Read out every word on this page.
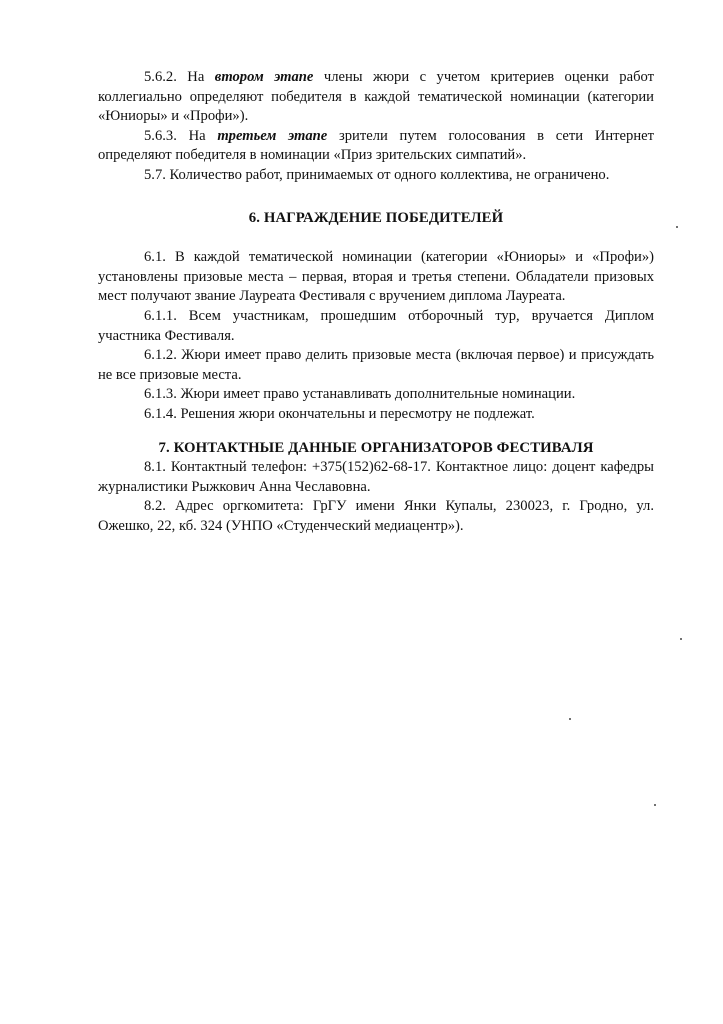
5.6.2. На втором этапе члены жюри с учетом критериев оценки работ коллегиально определяют победителя в каждой тематической номинации (категории «Юниоры» и «Профи»).

5.6.3. На третьем этапе зрители путем голосования в сети Интернет определяют победителя в номинации «Приз зрительских симпатий».

5.7. Количество работ, принимаемых от одного коллектива, не ограничено.

6. НАГРАЖДЕНИЕ ПОБЕДИТЕЛЕЙ

6.1. В каждой тематической номинации (категории «Юниоры» и «Профи») установлены призовые места – первая, вторая и третья степени. Обладатели призовых мест получают звание Лауреата Фестиваля с вручением диплома Лауреата.

6.1.1. Всем участникам, прошедшим отборочный тур, вручается Диплом участника Фестиваля.

6.1.2. Жюри имеет право делить призовые места (включая первое) и присуждать не все призовые места.

6.1.3. Жюри имеет право устанавливать дополнительные номинации.

6.1.4. Решения жюри окончательны и пересмотру не подлежат.

7. КОНТАКТНЫЕ ДАННЫЕ ОРГАНИЗАТОРОВ ФЕСТИВАЛЯ

8.1. Контактный телефон: +375(152)62-68-17. Контактное лицо: доцент кафедры журналистики Рыжкович Анна Чеславовна.

8.2. Адрес оргкомитета: ГрГУ имени Янки Купалы, 230023, г. Гродно, ул. Ожешко, 22, кб. 324 (УНПО «Студенческий медиацентр»).
